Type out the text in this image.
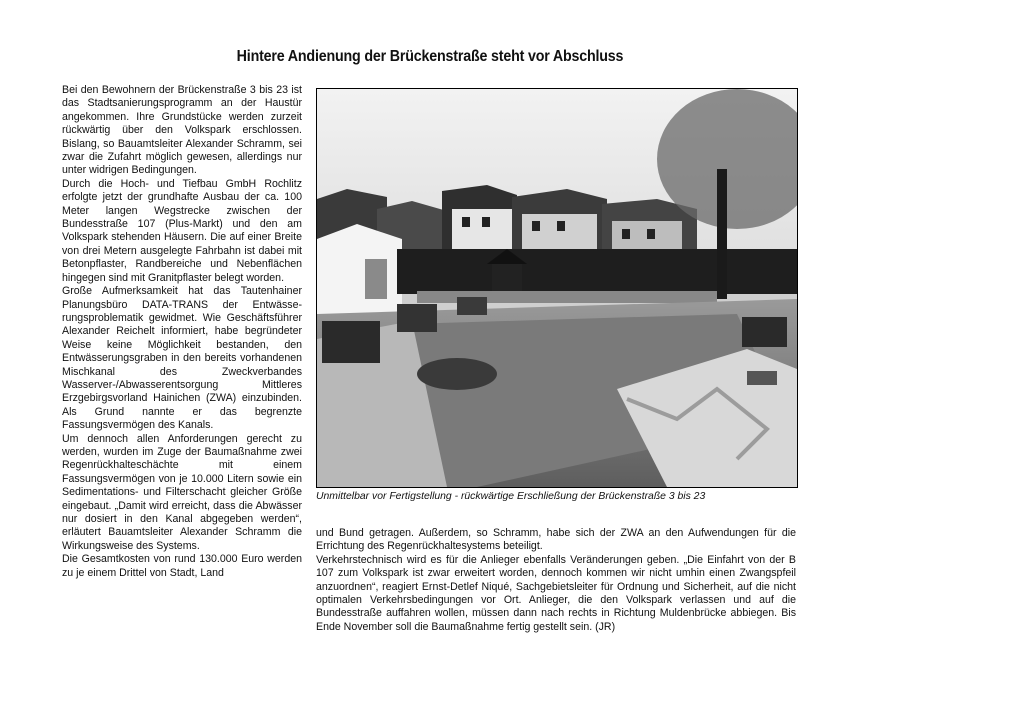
Hintere Andienung der Brückenstraße steht vor Abschluss

Bei den Bewohnern der Brückenstraße 3 bis 23 ist das Stadtsanierungsprogramm an der Haustür angekommen. Ihre Grundstücke werden zurzeit rückwärtig über den Volkspark erschlossen. Bislang, so Bauamtsleiter Alexander Schramm, sei zwar die Zufahrt möglich gewesen, allerdings nur unter widrigen Bedingungen.

Durch die Hoch- und Tiefbau GmbH Rochlitz erfolgte jetzt der grundhafte Ausbau der ca. 100 Meter langen Wegstrecke zwischen der Bundesstraße 107 (Plus-Markt) und den am Volkspark stehenden Häusern. Die auf einer Breite von drei Metern ausgelegte Fahrbahn ist dabei mit Betonpflaster, Randbereiche und Nebenflächen hingegen sind mit Granitpflaster belegt worden.

Große Aufmerksamkeit hat das Tautenhainer Planungsbüro DATA-TRANS der Entwässerungsproblematik gewidmet. Wie Geschäftsführer Alexander Reichelt informiert, habe begründeter Weise keine Möglichkeit bestanden, den Entwässerungsgraben in den bereits vorhandenen Mischkanal des Zweckverbandes Wasserver-/Abwasserentsorgung Mittleres Erzgebirgsvorland Hainichen (ZWA) einzubinden. Als Grund nannte er das begrenzte Fassungsvermögen des Kanals.

Um dennoch allen Anforderungen gerecht zu werden, wurden im Zuge der Baumaßnahme zwei Regenrückhalteschächte mit einem Fassungsvermögen von je 10.000 Litern sowie ein Sedimentations- und Filterschacht gleicher Größe eingebaut. „Damit wird erreicht, dass die Abwässer nur dosiert in den Kanal abgegeben werden“, erläutert Bauamtsleiter Alexander Schramm die Wirkungsweise des Systems.

Die Gesamtkosten von rund 130.000 Euro werden zu je einem Drittel von Stadt, Land

Unmittelbar vor Fertigstellung - rückwärtige Erschließung der Brückenstraße 3 bis 23

und Bund getragen. Außerdem, so Schramm, habe sich der ZWA an den Aufwendungen für die Errichtung des Regenrückhaltesystems beteiligt.

Verkehrstechnisch wird es für die Anlieger ebenfalls Veränderungen geben. „Die Einfahrt von der B 107 zum Volkspark ist zwar erweitert worden, dennoch kommen wir nicht umhin einen Zwangspfeil anzuordnen“, reagiert Ernst-Detlef Niqué, Sachgebietsleiter für Ordnung und Sicherheit, auf die nicht optimalen Verkehrsbedingungen vor Ort. Anlieger, die den Volkspark verlassen und auf die Bundesstraße auffahren wollen, müssen dann nach rechts in Richtung Muldenbrücke abbiegen. Bis Ende November soll die Baumaßnahme fertig gestellt sein. (JR)
